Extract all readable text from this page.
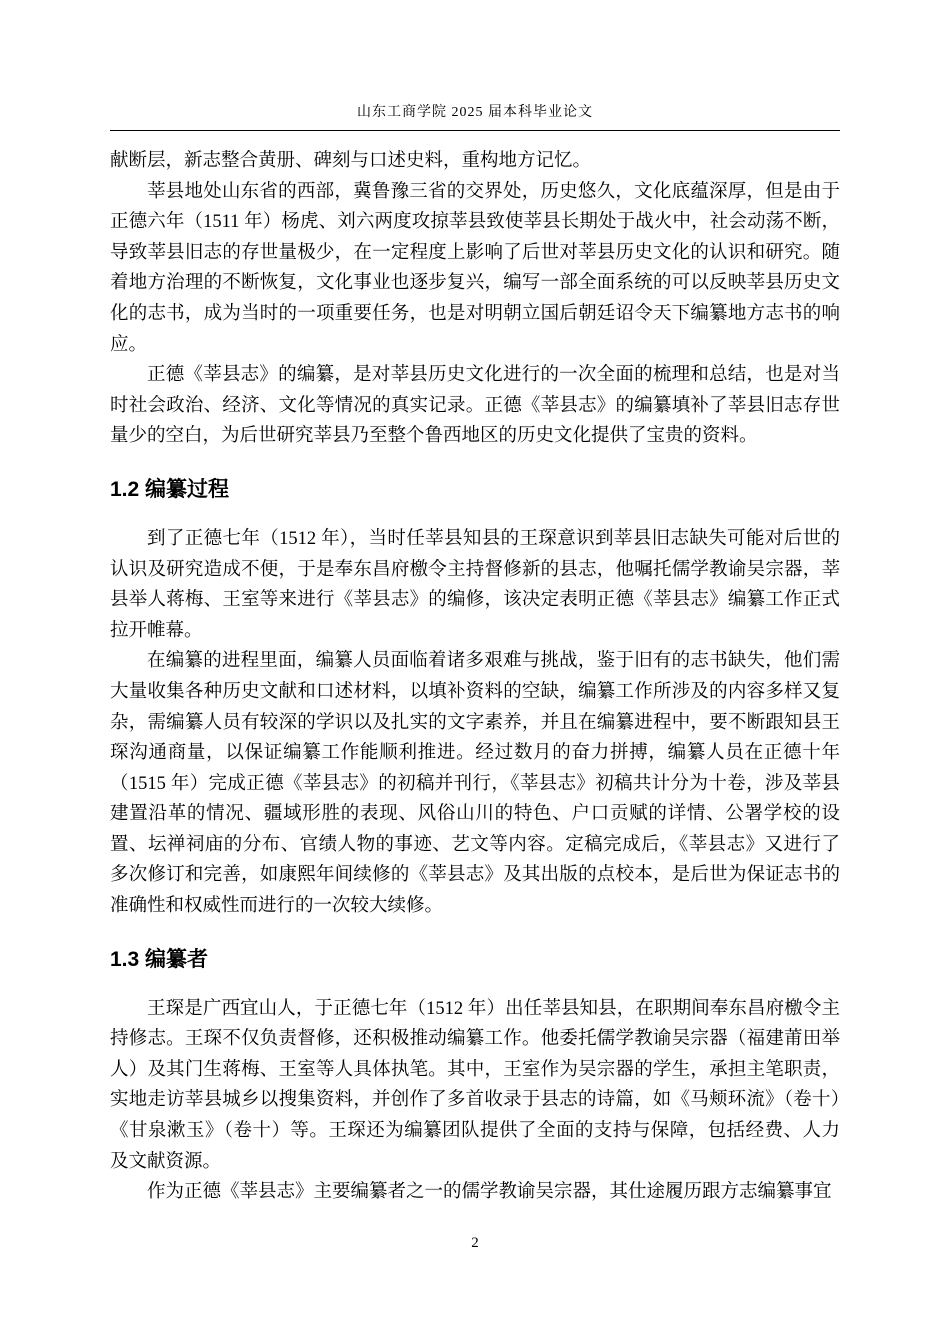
山东工商学院 2025 届本科毕业论文

献断层，新志整合黄册、碑刻与口述史料，重构地方记忆。

莘县地处山东省的西部，冀鲁豫三省的交界处，历史悠久，文化底蕴深厚，但是由于正德六年（1511 年）杨虎、刘六两度攻掠莘县致使莘县长期处于战火中，社会动荡不断，导致莘县旧志的存世量极少，在一定程度上影响了后世对莘县历史文化的认识和研究。随着地方治理的不断恢复，文化事业也逐步复兴，编写一部全面系统的可以反映莘县历史文化的志书，成为当时的一项重要任务，也是对明朝立国后朝廷诏令天下编纂地方志书的响应。

正德《莘县志》的编纂，是对莘县历史文化进行的一次全面的梳理和总结，也是对当时社会政治、经济、文化等情况的真实记录。正德《莘县志》的编纂填补了莘县旧志存世量少的空白，为后世研究莘县乃至整个鲁西地区的历史文化提供了宝贵的资料。

1.2 编纂过程

到了正德七年（1512 年），当时任莘县知县的王琛意识到莘县旧志缺失可能对后世的认识及研究造成不便，于是奉东昌府檄令主持督修新的县志，他嘱托儒学教谕吴宗器，莘县举人蒋梅、王室等来进行《莘县志》的编修，该决定表明正德《莘县志》编纂工作正式拉开帷幕。

在编纂的进程里面，编纂人员面临着诸多艰难与挑战，鉴于旧有的志书缺失，他们需大量收集各种历史文献和口述材料，以填补资料的空缺，编纂工作所涉及的内容多样又复杂，需编纂人员有较深的学识以及扎实的文字素养，并且在编纂进程中，要不断跟知县王琛沟通商量，以保证编纂工作能顺利推进。经过数月的奋力拼搏，编纂人员在正德十年（1515 年）完成正德《莘县志》的初稿并刊行，《莘县志》初稿共计分为十卷，涉及莘县建置沿革的情况、疆域形胜的表现、风俗山川的特色、户口贡赋的详情、公署学校的设置、坛禅祠庙的分布、官绩人物的事迹、艺文等内容。定稿完成后，《莘县志》又进行了多次修订和完善，如康熙年间续修的《莘县志》及其出版的点校本，是后世为保证志书的准确性和权威性而进行的一次较大续修。

1.3 编纂者

王琛是广西宜山人，于正德七年（1512 年）出任莘县知县，在职期间奉东昌府檄令主持修志。王琛不仅负责督修，还积极推动编纂工作。他委托儒学教谕吴宗器（福建莆田举人）及其门生蒋梅、王室等人具体执笔。其中，王室作为吴宗器的学生，承担主笔职责，实地走访莘县城乡以搜集资料，并创作了多首收录于县志的诗篇，如《马颊环流》（卷十）《甘泉漱玉》（卷十）等。王琛还为编纂团队提供了全面的支持与保障，包括经费、人力及文献资源。

作为正德《莘县志》主要编纂者之一的儒学教谕吴宗器，其仕途履历跟方志编纂事宜

2
